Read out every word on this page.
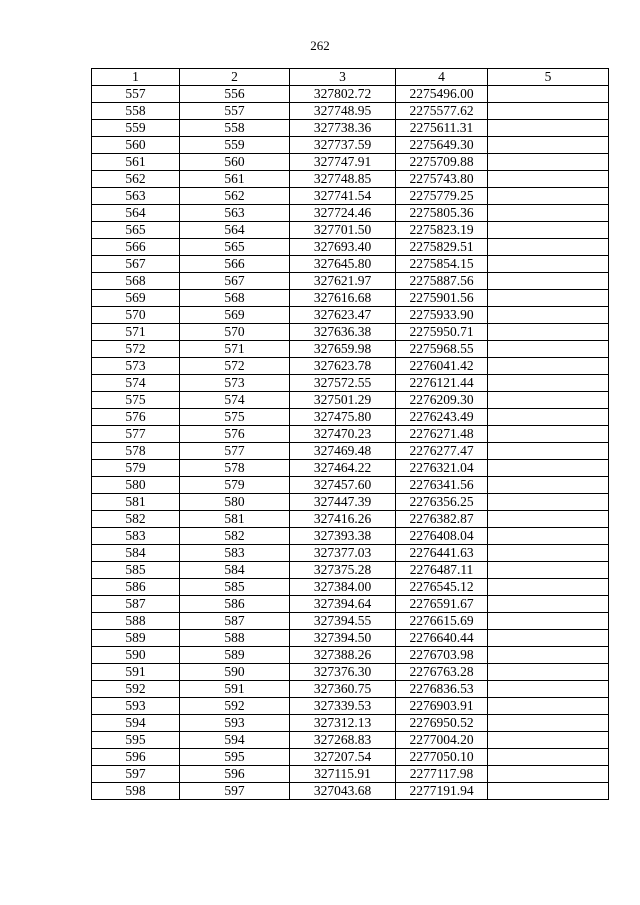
262
1	2	3	4	5
557	556	327802.72	2275496.00	
558	557	327748.95	2275577.62	
559	558	327738.36	2275611.31	
560	559	327737.59	2275649.30	
561	560	327747.91	2275709.88	
562	561	327748.85	2275743.80	
563	562	327741.54	2275779.25	
564	563	327724.46	2275805.36	
565	564	327701.50	2275823.19	
566	565	327693.40	2275829.51	
567	566	327645.80	2275854.15	
568	567	327621.97	2275887.56	
569	568	327616.68	2275901.56	
570	569	327623.47	2275933.90	
571	570	327636.38	2275950.71	
572	571	327659.98	2275968.55	
573	572	327623.78	2276041.42	
574	573	327572.55	2276121.44	
575	574	327501.29	2276209.30	
576	575	327475.80	2276243.49	
577	576	327470.23	2276271.48	
578	577	327469.48	2276277.47	
579	578	327464.22	2276321.04	
580	579	327457.60	2276341.56	
581	580	327447.39	2276356.25	
582	581	327416.26	2276382.87	
583	582	327393.38	2276408.04	
584	583	327377.03	2276441.63	
585	584	327375.28	2276487.11	
586	585	327384.00	2276545.12	
587	586	327394.64	2276591.67	
588	587	327394.55	2276615.69	
589	588	327394.50	2276640.44	
590	589	327388.26	2276703.98	
591	590	327376.30	2276763.28	
592	591	327360.75	2276836.53	
593	592	327339.53	2276903.91	
594	593	327312.13	2276950.52	
595	594	327268.83	2277004.20	
596	595	327207.54	2277050.10	
597	596	327115.91	2277117.98	
598	597	327043.68	2277191.94	
